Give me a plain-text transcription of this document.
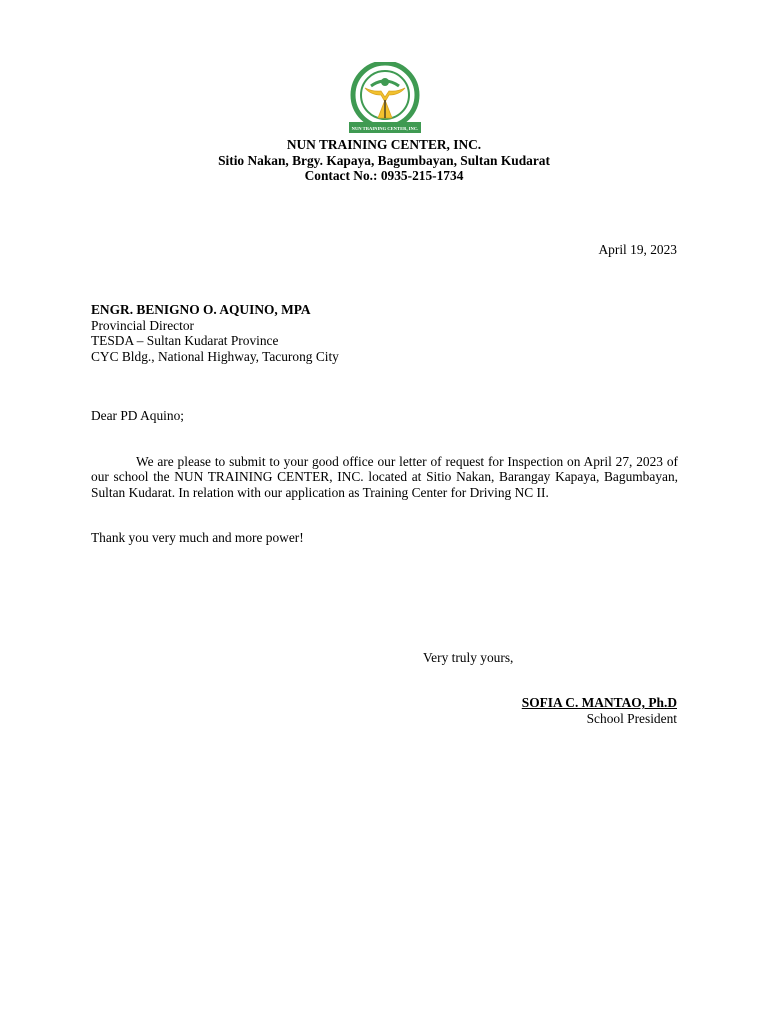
NUN TRAINING CENTER, INC.
NUN TRAINING CENTER, INC.
Sitio Nakan, Brgy. Kapaya, Bagumbayan, Sultan Kudarat
Contact No.: 0935-215-1734
April 19, 2023
ENGR. BENIGNO O. AQUINO, MPA
Provincial Director
TESDA – Sultan Kudarat Province
CYC Bldg., National Highway, Tacurong City
Dear PD Aquino;
We are please to submit to your good office our letter of request for Inspection on April 27, 2023 of our school the NUN TRAINING CENTER, INC. located at Sitio Nakan, Barangay Kapaya, Bagumbayan, Sultan Kudarat. In relation with our application as Training Center for Driving NC II.
Thank you very much and more power!
Very truly yours,
SOFIA C. MANTAO, Ph.D
School President
